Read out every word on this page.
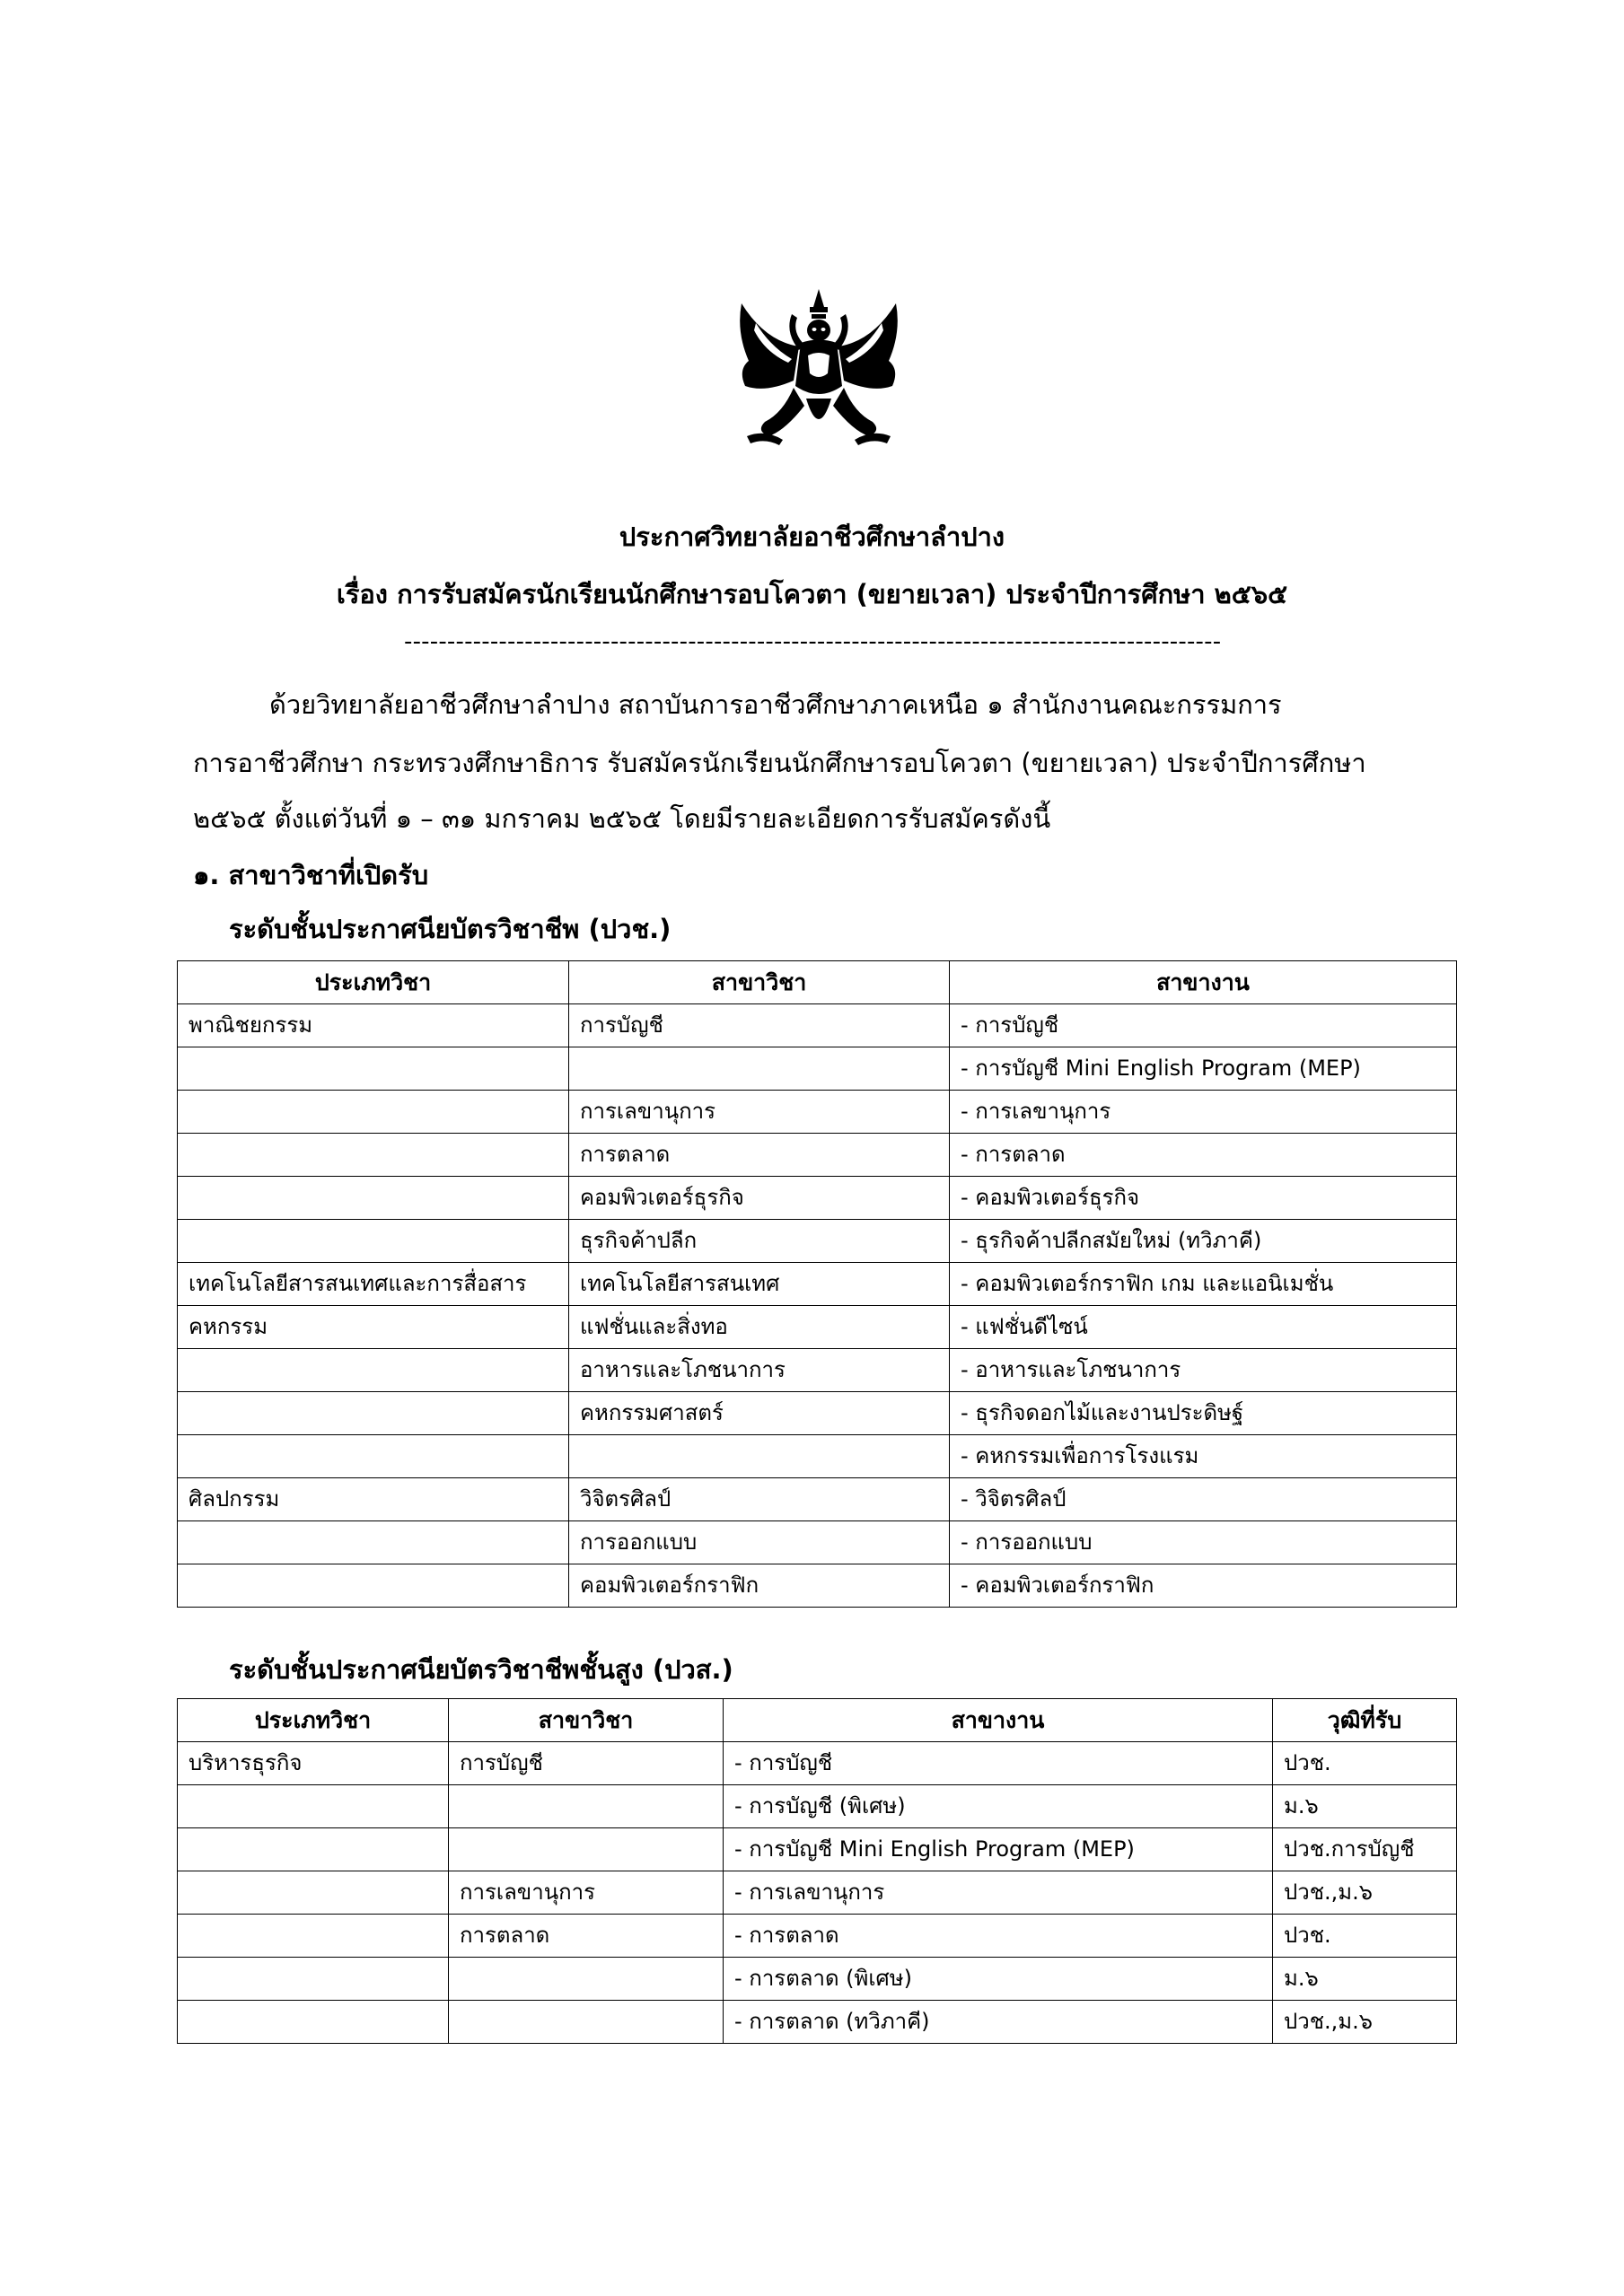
ประกาศวิทยาลัยอาชีวศึกษาลำปาง
เรื่อง การรับสมัครนักเรียนนักศึกษารอบโควตา (ขยายเวลา) ประจำปีการศึกษา ๒๕๖๕
-----------------------------------------------------------------------------------------------
ด้วยวิทยาลัยอาชีวศึกษาลำปาง สถาบันการอาชีวศึกษาภาคเหนือ ๑ สำนักงานคณะกรรมการ
การอาชีวศึกษา กระทรวงศึกษาธิการ รับสมัครนักเรียนนักศึกษารอบโควตา (ขยายเวลา) ประจำปีการศึกษา
๒๕๖๕ ตั้งแต่วันที่ ๑ – ๓๑ มกราคม ๒๕๖๕ โดยมีรายละเอียดการรับสมัครดังนี้
๑. สาขาวิชาที่เปิดรับ
ระดับชั้นประกาศนียบัตรวิชาชีพ (ปวช.)
ประเภทวิชา	สาขาวิชา	สาขางาน
พาณิชยกรรม	การบัญชี	- การบัญชี
		- การบัญชี Mini English Program (MEP)
	การเลขานุการ	- การเลขานุการ
	การตลาด	- การตลาด
	คอมพิวเตอร์ธุรกิจ	- คอมพิวเตอร์ธุรกิจ
	ธุรกิจค้าปลีก	- ธุรกิจค้าปลีกสมัยใหม่ (ทวิภาคี)
เทคโนโลยีสารสนเทศและการสื่อสาร	เทคโนโลยีสารสนเทศ	- คอมพิวเตอร์กราฟิก เกม และแอนิเมชั่น
คหกรรม	แฟชั่นและสิ่งทอ	- แฟชั่นดีไซน์
	อาหารและโภชนาการ	- อาหารและโภชนาการ
	คหกรรมศาสตร์	- ธุรกิจดอกไม้และงานประดิษฐ์
		- คหกรรมเพื่อการโรงแรม
ศิลปกรรม	วิจิตรศิลป์	- วิจิตรศิลป์
	การออกแบบ	- การออกแบบ
	คอมพิวเตอร์กราฟิก	- คอมพิวเตอร์กราฟิก
ระดับชั้นประกาศนียบัตรวิชาชีพชั้นสูง (ปวส.)
ประเภทวิชา	สาขาวิชา	สาขางาน	วุฒิที่รับ
บริหารธุรกิจ	การบัญชี	- การบัญชี	ปวช.
		- การบัญชี (พิเศษ)	ม.๖
		- การบัญชี Mini English Program (MEP)	ปวช.การบัญชี
	การเลขานุการ	- การเลขานุการ	ปวช.,ม.๖
	การตลาด	- การตลาด	ปวช.
		- การตลาด (พิเศษ)	ม.๖
		- การตลาด (ทวิภาคี)	ปวช.,ม.๖
